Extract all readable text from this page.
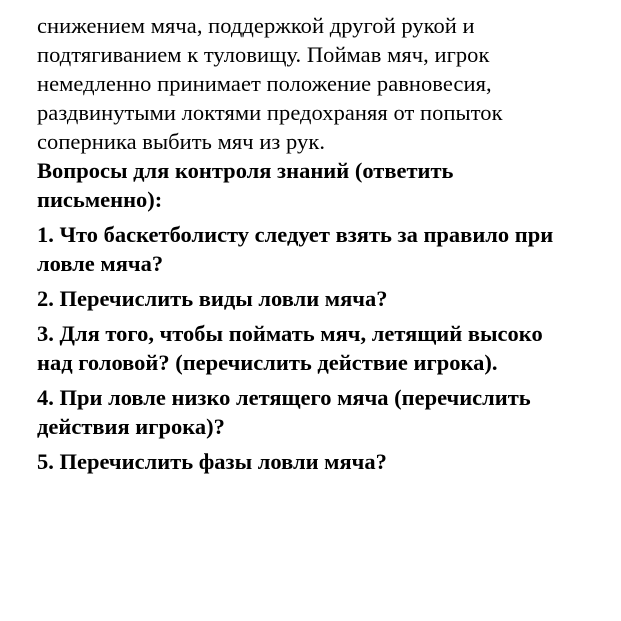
снижением мяча, поддержкой другой рукой и
подтягиванием к туловищу. Поймав мяч, игрок
немедленно принимает положение равновесия,
раздвинутыми локтями предохраняя от попыток
соперника выбить мяч из рук.

Вопросы для контроля знаний (ответить
письменно):

1. Что баскетболисту следует взять за правило при
ловле мяча?

2. Перечислить виды ловли мяча?

3. Для того, чтобы поймать мяч, летящий высоко
над головой? (перечислить действие игрока).

4. При ловле низко летящего мяча (перечислить
действия игрока)?

5. Перечислить фазы ловли мяча?
